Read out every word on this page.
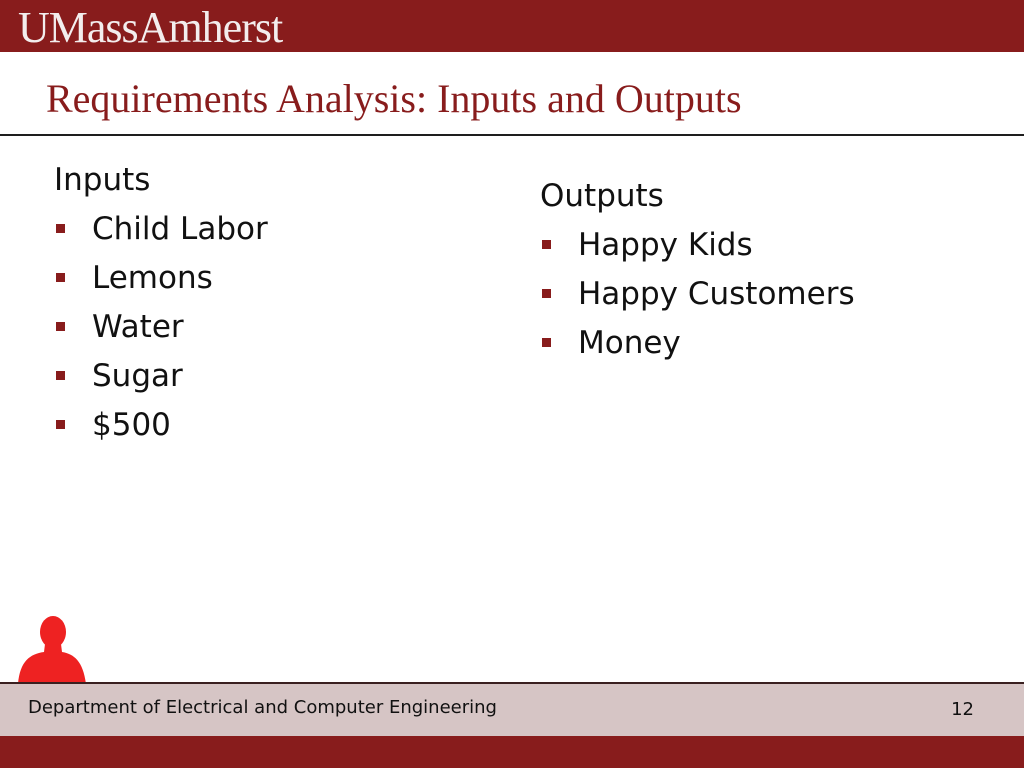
UMassAmherst
Requirements Analysis: Inputs and Outputs
Inputs
Child Labor
Lemons
Water
Sugar
$500
Outputs
Happy Kids
Happy Customers
Money
Department of Electrical and Computer Engineering	12
